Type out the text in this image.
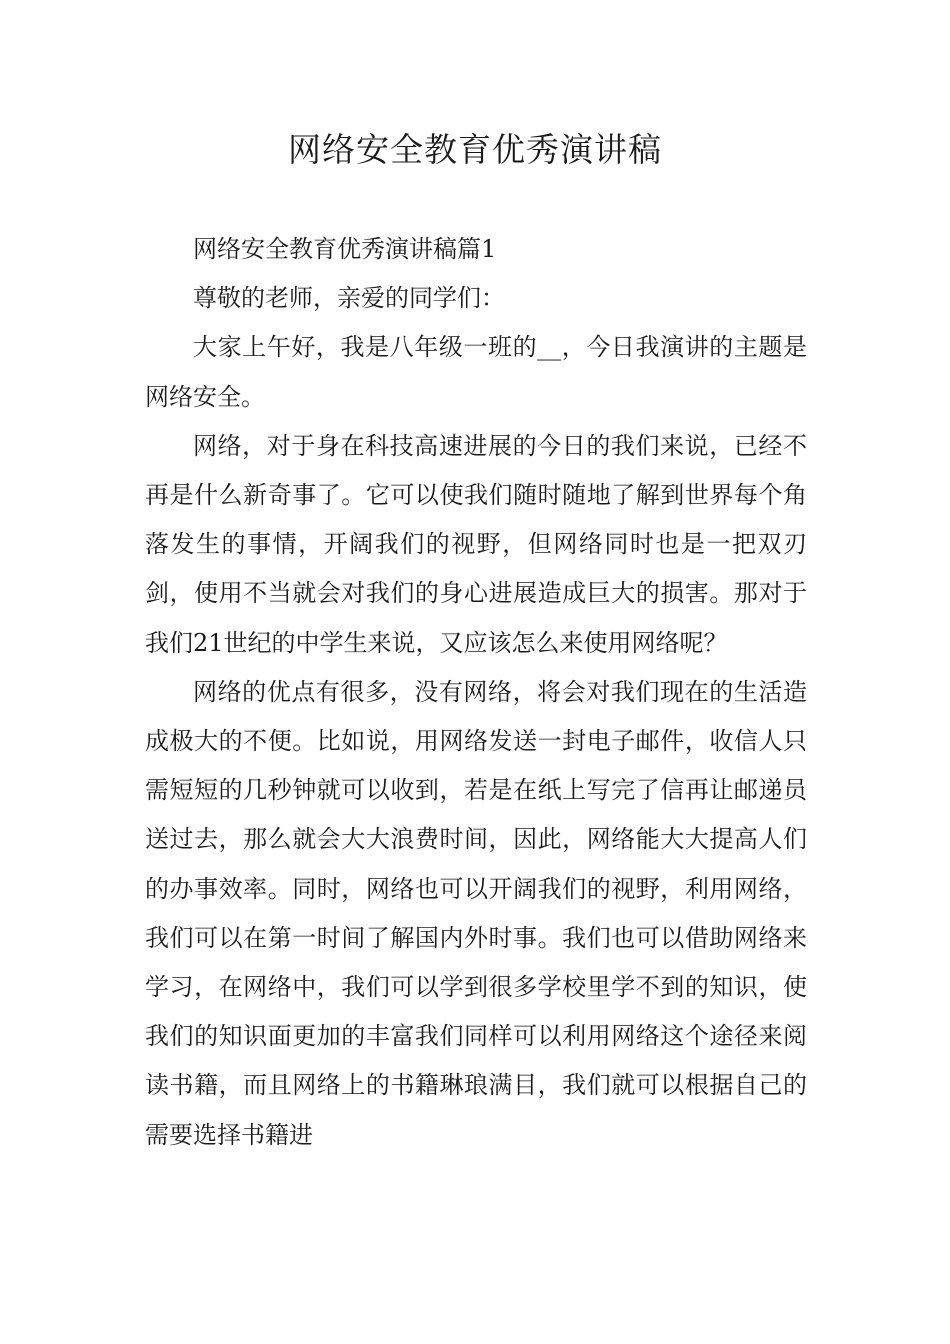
网络安全教育优秀演讲稿

网络安全教育优秀演讲稿篇1

尊敬的老师，亲爱的同学们：

大家上午好，我是八年级一班的__，今日我演讲的主题是网络安全。

网络，对于身在科技高速进展的今日的我们来说，已经不再是什么新奇事了。它可以使我们随时随地了解到世界每个角落发生的事情，开阔我们的视野，但网络同时也是一把双刃剑，使用不当就会对我们的身心进展造成巨大的损害。那对于我们21世纪的中学生来说，又应该怎么来使用网络呢？

网络的优点有很多，没有网络，将会对我们现在的生活造成极大的不便。比如说，用网络发送一封电子邮件，收信人只需短短的几秒钟就可以收到，若是在纸上写完了信再让邮递员送过去，那么就会大大浪费时间，因此，网络能大大提高人们的办事效率。同时，网络也可以开阔我们的视野，利用网络，我们可以在第一时间了解国内外时事。我们也可以借助网络来学习，在网络中，我们可以学到很多学校里学不到的知识，使我们的知识面更加的丰富我们同样可以利用网络这个途径来阅读书籍，而且网络上的书籍琳琅满目，我们就可以根据自己的需要选择书籍进
